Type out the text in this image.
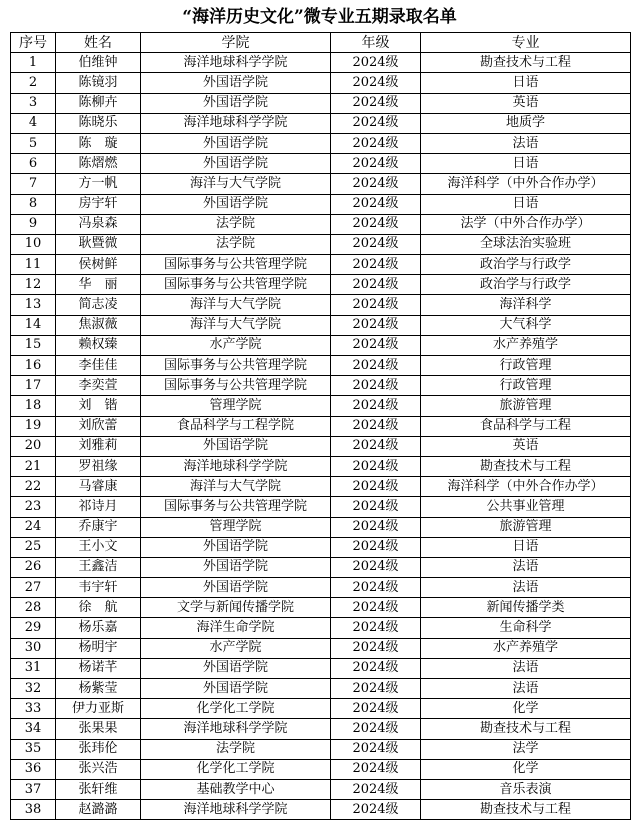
“海洋历史文化”微专业五期录取名单
序号	姓名	学院	年级	专业
1	伯维钟	海洋地球科学学院	2024级	勘查技术与工程
2	陈镜羽	外国语学院	2024级	日语
3	陈柳卉	外国语学院	2024级	英语
4	陈晓乐	海洋地球科学学院	2024级	地质学
5	陈　璇	外国语学院	2024级	法语
6	陈熠燃	外国语学院	2024级	日语
7	方一帆	海洋与大气学院	2024级	海洋科学（中外合作办学）
8	房宇轩	外国语学院	2024级	日语
9	冯泉森	法学院	2024级	法学（中外合作办学）
10	耿暨微	法学院	2024级	全球法治实验班
11	侯树鲜	国际事务与公共管理学院	2024级	政治学与行政学
12	华　丽	国际事务与公共管理学院	2024级	政治学与行政学
13	简志凌	海洋与大气学院	2024级	海洋科学
14	焦淑薇	海洋与大气学院	2024级	大气科学
15	赖权臻	水产学院	2024级	水产养殖学
16	李佳佳	国际事务与公共管理学院	2024级	行政管理
17	李奕萱	国际事务与公共管理学院	2024级	行政管理
18	刘　锴	管理学院	2024级	旅游管理
19	刘欣蕾	食品科学与工程学院	2024级	食品科学与工程
20	刘雅莉	外国语学院	2024级	英语
21	罗祖缘	海洋地球科学学院	2024级	勘查技术与工程
22	马睿康	海洋与大气学院	2024级	海洋科学（中外合作办学）
23	祁诗月	国际事务与公共管理学院	2024级	公共事业管理
24	乔康宇	管理学院	2024级	旅游管理
25	王小文	外国语学院	2024级	日语
26	王鑫洁	外国语学院	2024级	法语
27	韦宇轩	外国语学院	2024级	法语
28	徐　航	文学与新闻传播学院	2024级	新闻传播学类
29	杨乐嘉	海洋生命学院	2024级	生命科学
30	杨明宇	水产学院	2024级	水产养殖学
31	杨诺芊	外国语学院	2024级	法语
32	杨紫莹	外国语学院	2024级	法语
33	伊力亚斯	化学化工学院	2024级	化学
34	张果果	海洋地球科学学院	2024级	勘查技术与工程
35	张玮伦	法学院	2024级	法学
36	张兴浩	化学化工学院	2024级	化学
37	张轩维	基础教学中心	2024级	音乐表演
38	赵潞潞	海洋地球科学学院	2024级	勘查技术与工程
